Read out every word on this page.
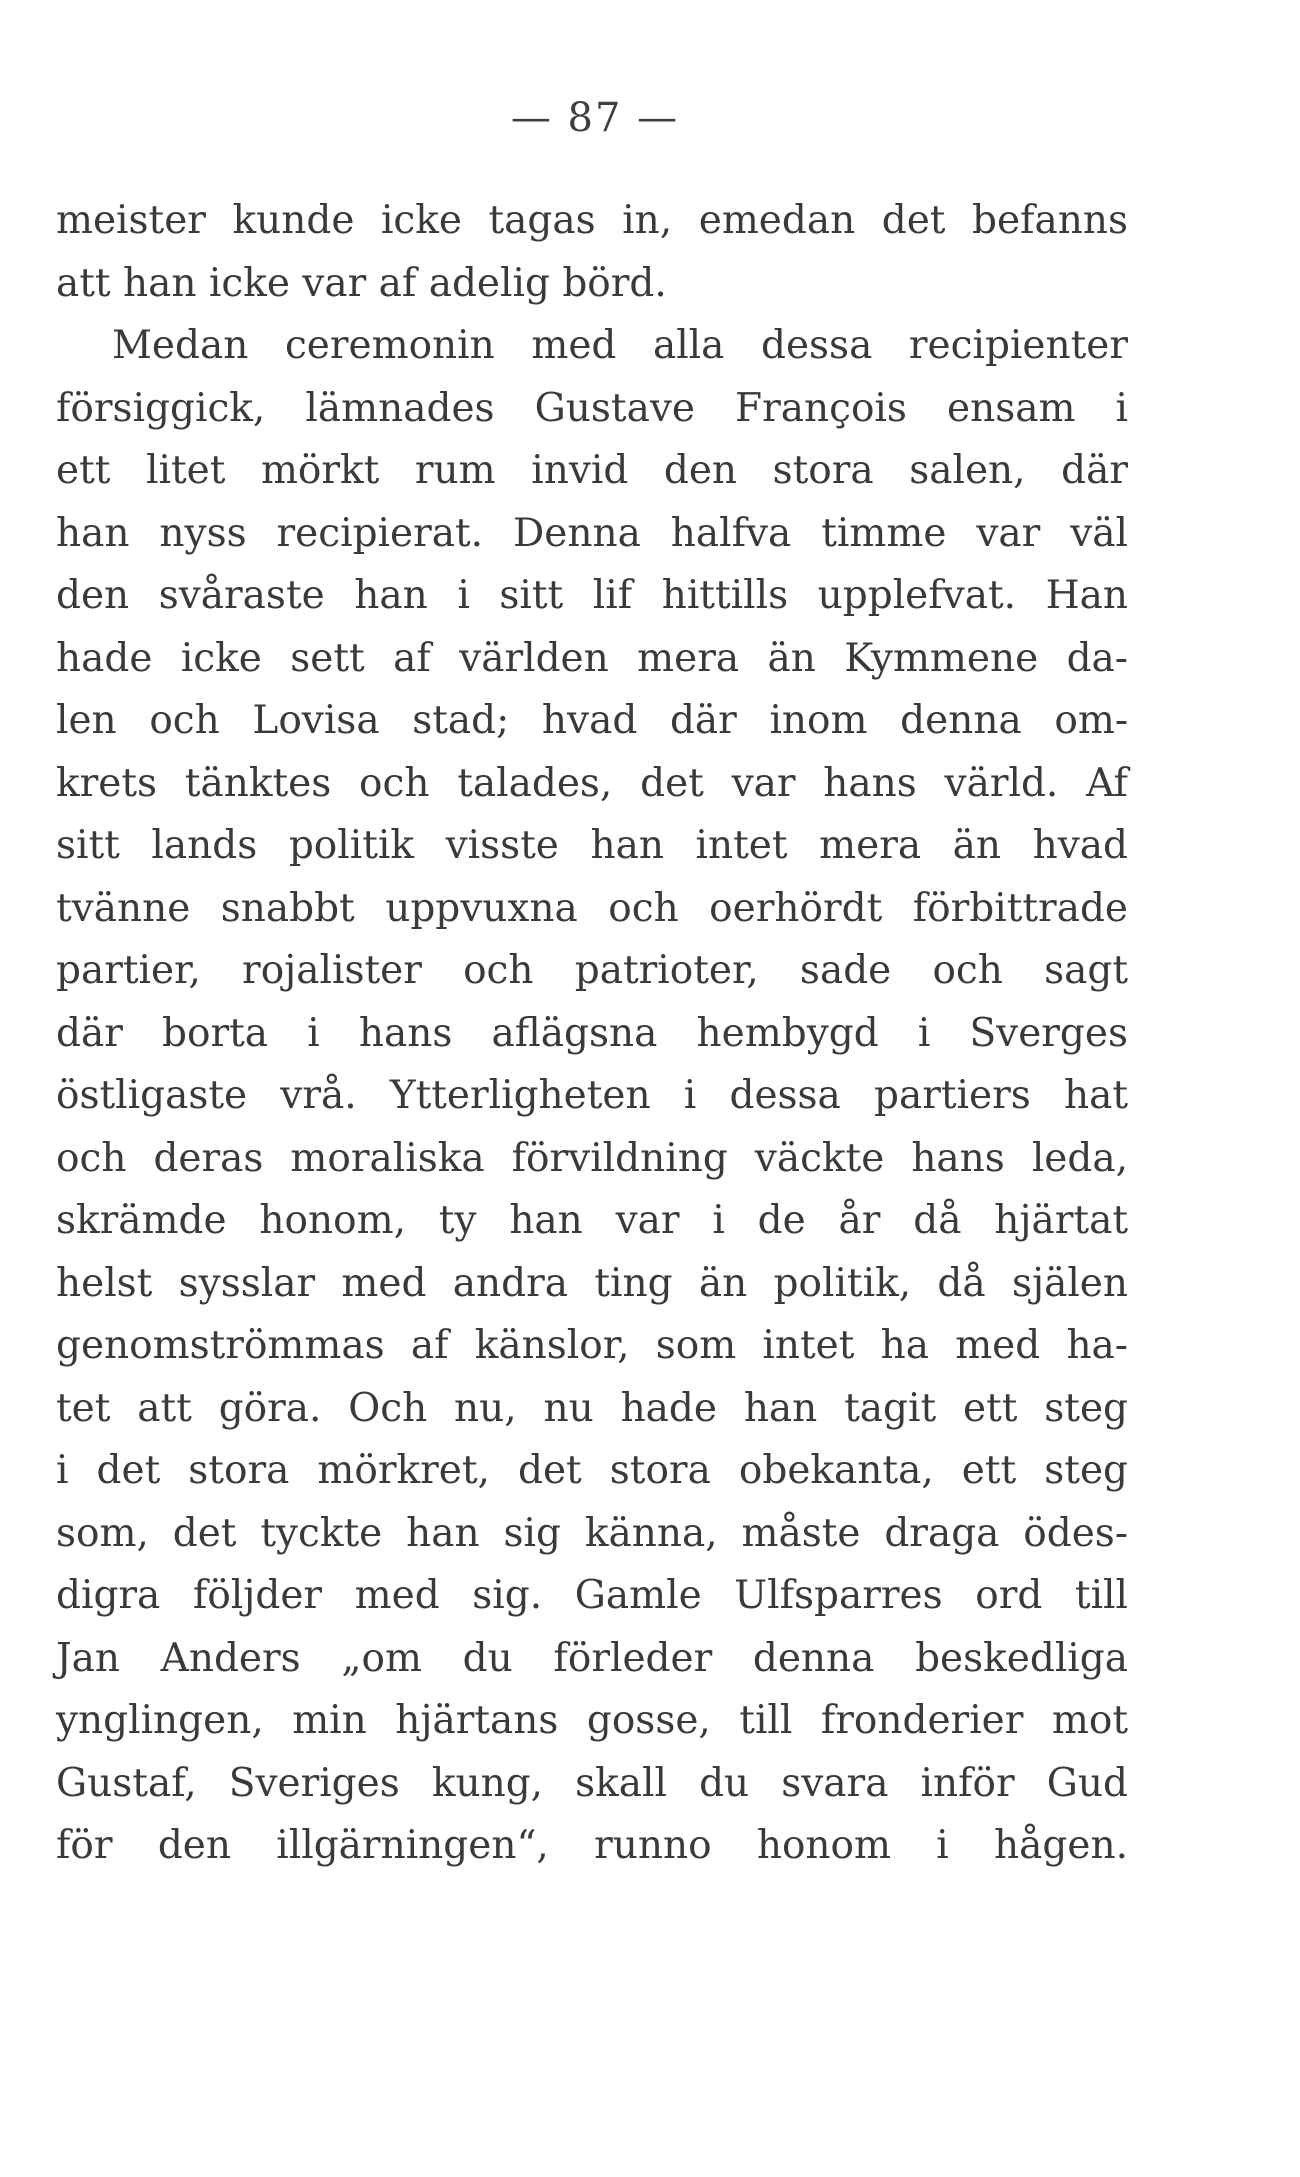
— 87 —
meister kunde icke tagas in, emedan det befanns
att han icke var af adelig börd.
Medan ceremonin med alla dessa recipienter
försiggick, lämnades Gustave François ensam i
ett litet mörkt rum invid den stora salen, där
han nyss recipierat. Denna halfva timme var väl
den svåraste han i sitt lif hittills upplefvat. Han
hade icke sett af världen mera än Kymmene da-
len och Lovisa stad; hvad där inom denna om-
krets tänktes och talades, det var hans värld. Af
sitt lands politik visste han intet mera än hvad
tvänne snabbt uppvuxna och oerhördt förbittrade
partier, rojalister och patrioter, sade och sagt
där borta i hans aflägsna hembygd i Sverges
östligaste vrå. Ytterligheten i dessa partiers hat
och deras moraliska förvildning väckte hans leda,
skrämde honom, ty han var i de år då hjärtat
helst sysslar med andra ting än politik, då själen
genomströmmas af känslor, som intet ha med ha-
tet att göra. Och nu, nu hade han tagit ett steg
i det stora mörkret, det stora obekanta, ett steg
som, det tyckte han sig känna, måste draga ödes-
digra följder med sig. Gamle Ulfsparres ord till
Jan Anders „om du förleder denna beskedliga
ynglingen, min hjärtans gosse, till fronderier mot
Gustaf, Sveriges kung, skall du svara inför Gud
för den illgärningen“, runno honom i hågen.
